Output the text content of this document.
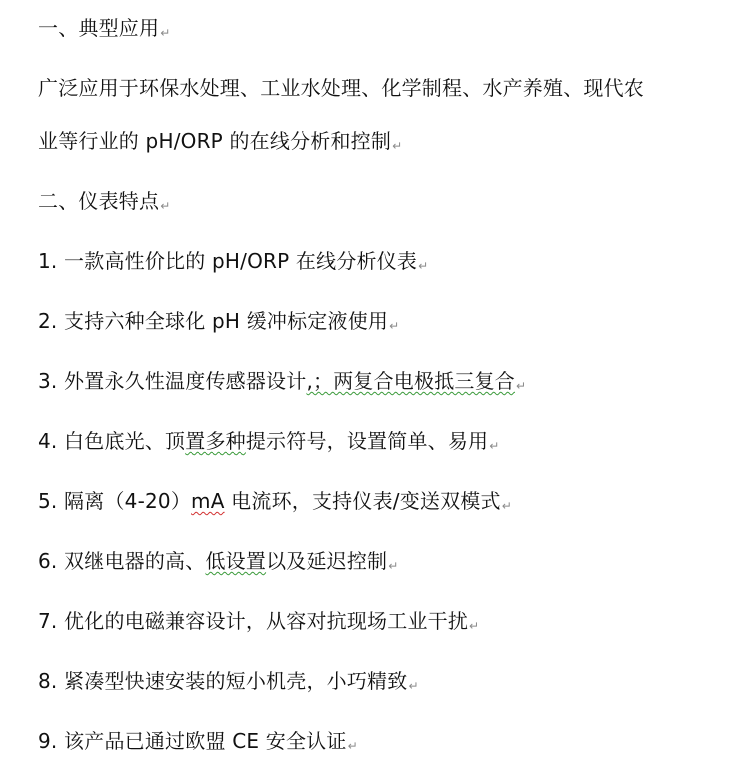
一、典型应用↵
广泛应用于环保水处理、工业水处理、化学制程、水产养殖、现代农
业等行业的 pH/ORP 的在线分析和控制↵
二、仪表特点↵
1. 一款高性价比的 pH/ORP 在线分析仪表↵
2. 支持六种全球化 pH 缓冲标定液使用↵
3. 外置永久性温度传感器设计,；两复合电极抵三复合↵
4. 白色底光、顶置多种提示符号，设置简单、易用↵
5. 隔离（4-20）mA 电流环，支持仪表/变送双模式↵
6. 双继电器的高、低设置以及延迟控制↵
7. 优化的电磁兼容设计，从容对抗现场工业干扰↵
8. 紧凑型快速安装的短小机壳，小巧精致↵
9. 该产品已通过欧盟 CE 安全认证↵
